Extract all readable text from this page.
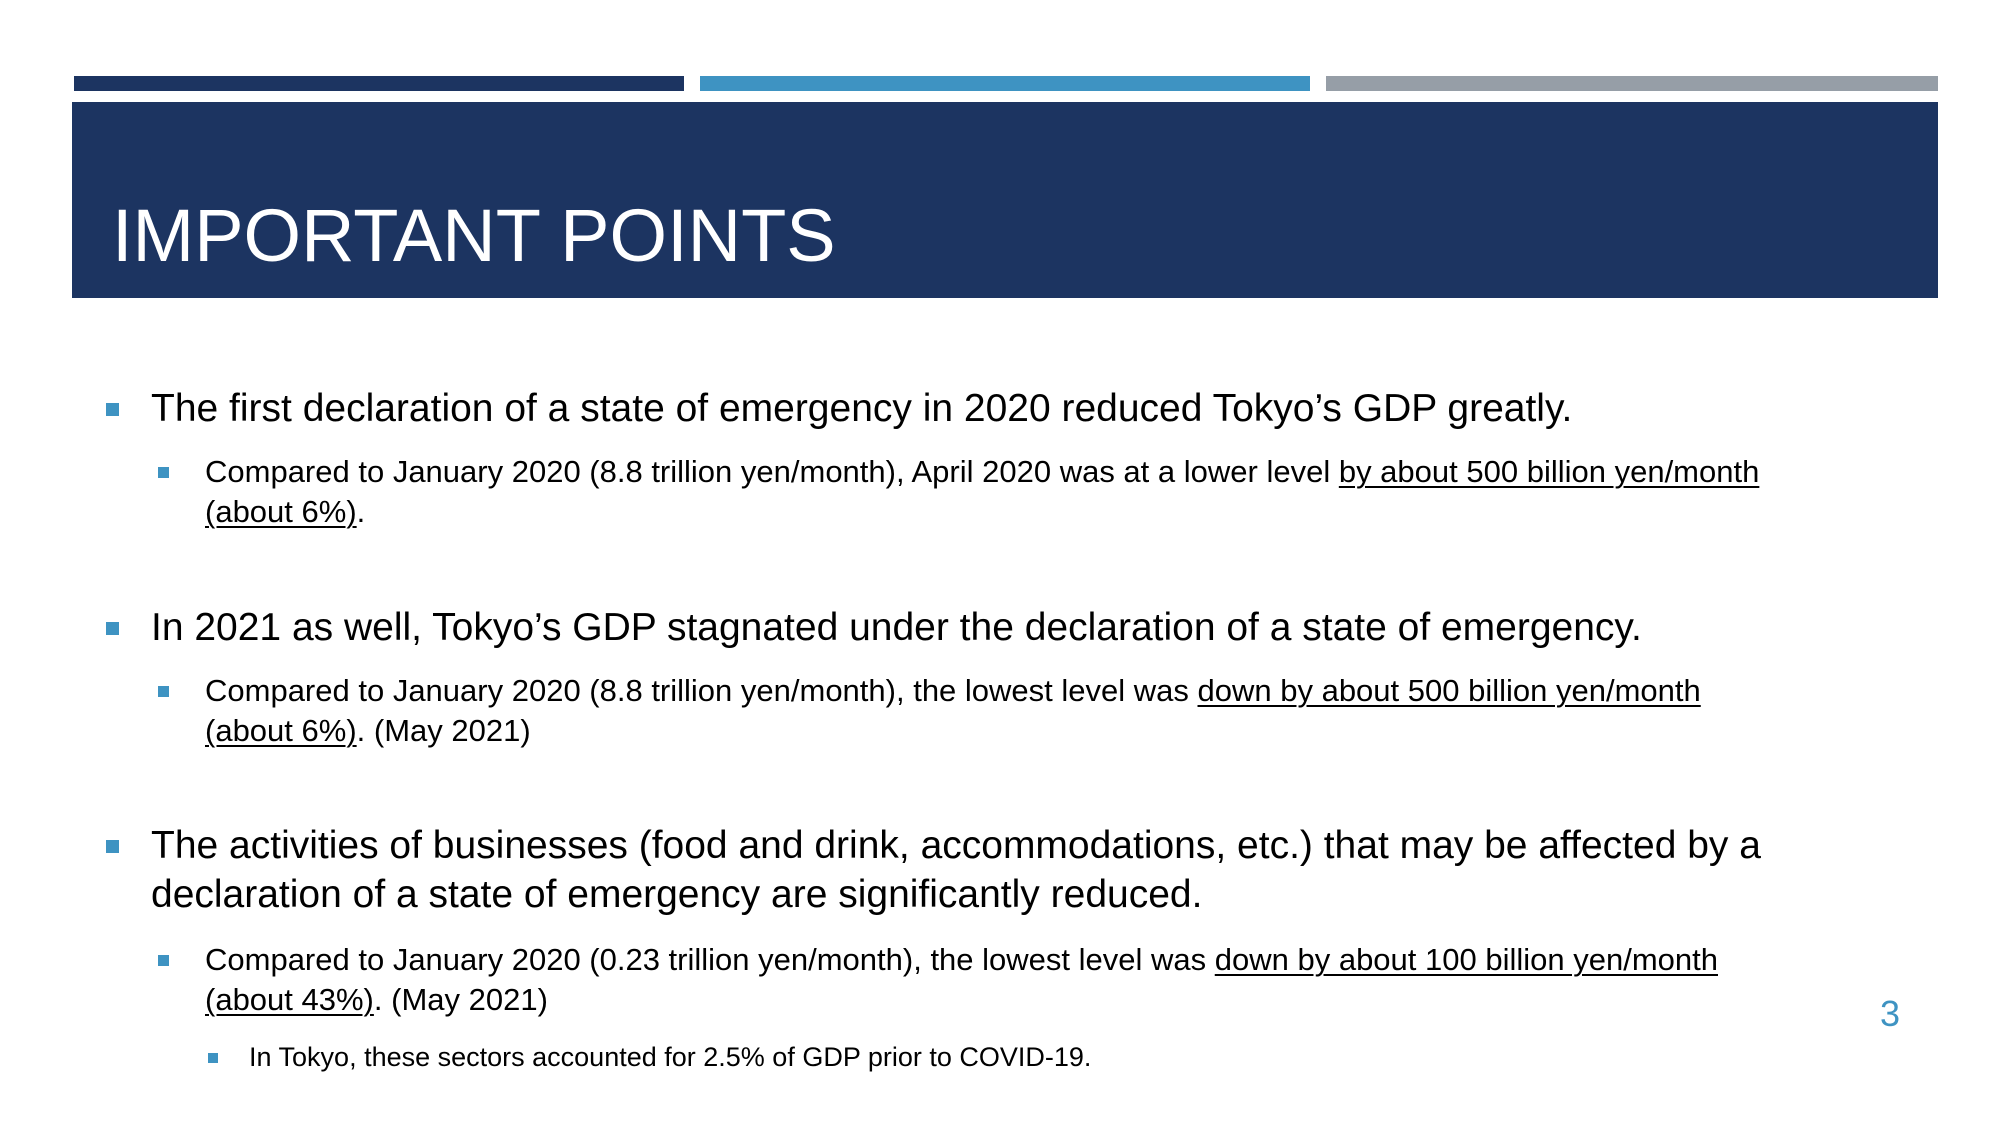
IMPORTANT POINTS
The first declaration of a state of emergency in 2020 reduced Tokyo’s GDP greatly.
Compared to January 2020 (8.8 trillion yen/month), April 2020 was at a lower level by about 500 billion yen/month
(about 6%).
In 2021 as well, Tokyo’s GDP stagnated under the declaration of a state of emergency.
Compared to January 2020 (8.8 trillion yen/month), the lowest level was down by about 500 billion yen/month
(about 6%). (May 2021)
The activities of businesses (food and drink, accommodations, etc.) that may be affected by a
declaration of a state of emergency are significantly reduced.
Compared to January 2020 (0.23 trillion yen/month), the lowest level was down by about 100 billion yen/month
(about 43%). (May 2021)
In Tokyo, these sectors accounted for 2.5% of GDP prior to COVID-19.
3
